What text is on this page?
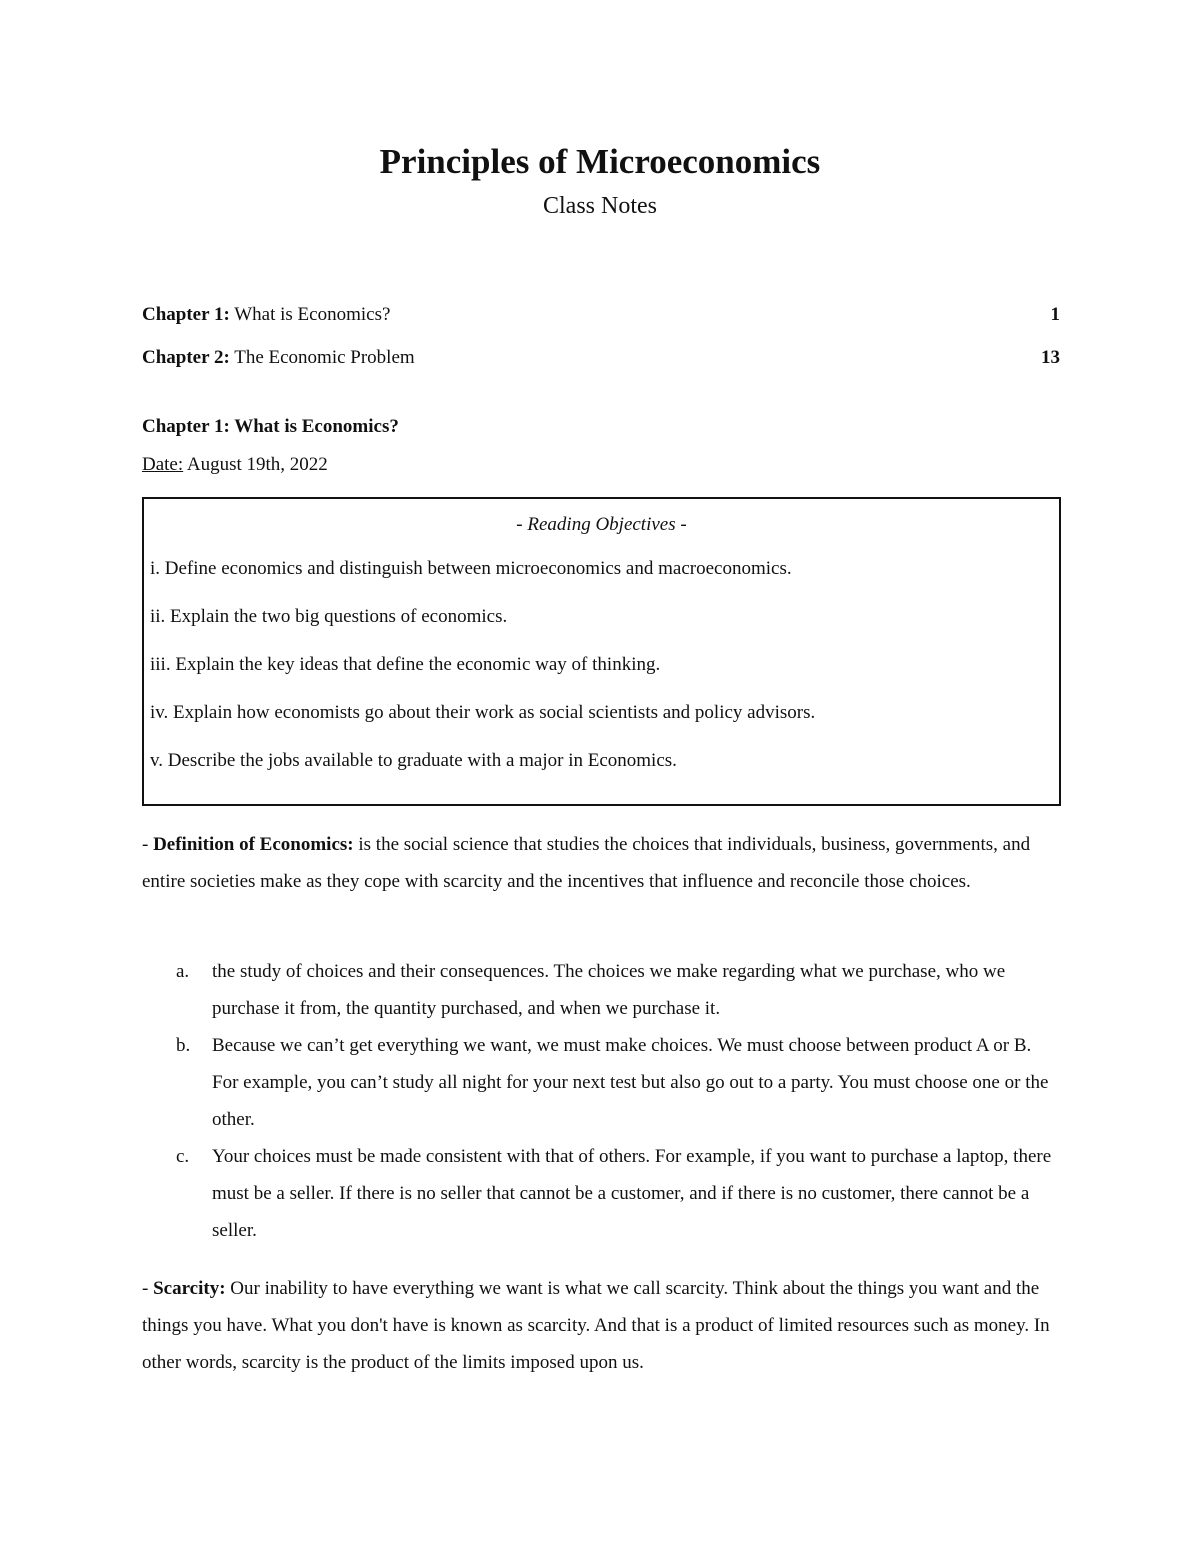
Principles of Microeconomics
Class Notes
Chapter 1: What is Economics?	1
Chapter 2: The Economic Problem	13
Chapter 1: What is Economics?
Date: August 19th, 2022
- Reading Objectives -
i. Define economics and distinguish between microeconomics and macroeconomics.
ii. Explain the two big questions of economics.
iii. Explain the key ideas that define the economic way of thinking.
iv. Explain how economists go about their work as social scientists and policy advisors.
v. Describe the jobs available to graduate with a major in Economics.
- Definition of Economics: is the social science that studies the choices that individuals, business, governments, and entire societies make as they cope with scarcity and the incentives that influence and reconcile those choices.
a. the study of choices and their consequences. The choices we make regarding what we purchase, who we purchase it from, the quantity purchased, and when we purchase it.
b. Because we can’t get everything we want, we must make choices. We must choose between product A or B. For example, you can’t study all night for your next test but also go out to a party. You must choose one or the other.
c. Your choices must be made consistent with that of others. For example, if you want to purchase a laptop, there must be a seller. If there is no seller that cannot be a customer, and if there is no customer, there cannot be a seller.
- Scarcity: Our inability to have everything we want is what we call scarcity. Think about the things you want and the things you have. What you don't have is known as scarcity. And that is a product of limited resources such as money. In other words, scarcity is the product of the limits imposed upon us.
